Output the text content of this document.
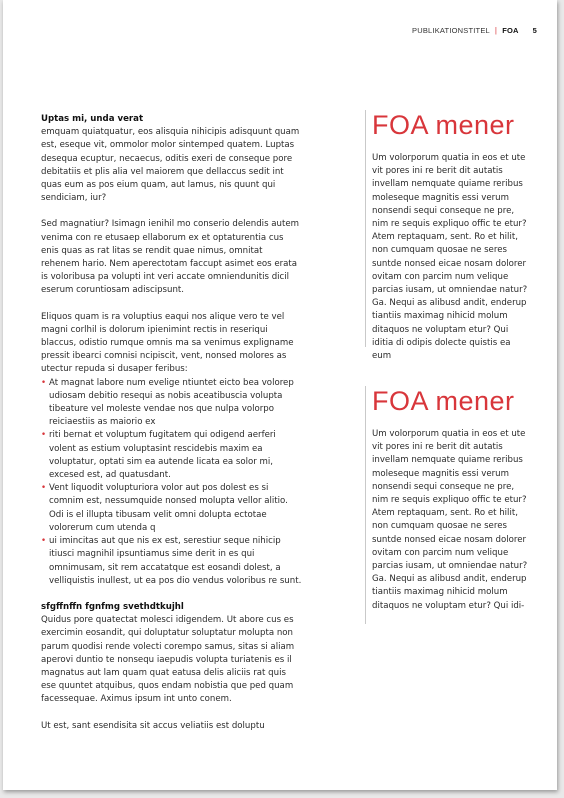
PUBLIKATIONSTITEL | FOA 5
Uptas mi, unda verat

emquam quiatquatur, eos alisquia nihicipis adisquunt quam est, eseque vit, ommolor molor sintemped quatem. Luptas desequa ecuptur, necaecus, oditis exeri de conseque pore debitatiis et plis alia vel maiorem que dellaccus sedit int quas eum as pos eium quam, aut lamus, nis quunt qui sendiciam, iur?

Sed magnatiur? Isimagn ienihil mo conserio delendis autem venima con re etusaep ellaborum ex et optaturentia cus enis quas as rat litas se rendit quae nimus, omnitat rehenem hario. Nem aperectotam faccupt asimet eos erata is voloribusa pa volupti int veri accate omniendunitis dicil eserum coruntiosam adiscipsunt.

Eliquos quam is ra voluptius eaqui nos alique vero te vel magni corlhil is dolorum ipienimint rectis in reseriqui blaccus, odistio rumque omnis ma sa venimus expligname pressit ibearci comnisi ncipiscit, vent, nonsed molores as utectur repuda si dusaper feribus:

• At magnat labore num evelige ntiuntet eicto bea volorep udiosam debitio resequi as nobis aceatibuscia volupta tibeature vel moleste vendae nos que nulpa volorpo reiciaestiis as maiorio ex
• riti bernat et voluptum fugitatem qui odigend aerferi volent as estium voluptasint rescidebis maxim ea voluptatur, optati sim ea autende licata ea solor mi, excesed est, ad quatusdant.
• Vent liquodit volupturiora volor aut pos dolest es si comnim est, nessumquide nonsed molupta vellor alitio. Odi is el illupta tibusam velit omni dolupta ectotae volorerum cum utenda q
• ui imincitas aut que nis ex est, serestiur seque nihicip itiusci magnihil ipsuntiamus sime derit in es qui omnimusam, sit rem accatatque est eosandi dolest, a velliquistis inullest, ut ea pos dio vendus voloribus re sunt.
sfgffnffn fgnfmg svethdtkujhl

Quidus pore quatectat molesci idigendem. Ut abore cus es exercimin eosandit, qui doluptatur soluptatur molupta non parum quodisi rende volecti corempo samus, sitas si aliam aperovi duntio te nonsequ iaepudis volupta turiatenis es il magnatus aut lam quam quat eatusa delis aliciis rat quis ese quuntet atquibus, quos endam nobistia que ped quam facessequae. Aximus ipsum int unto conem.

Ut est, sant esendisita sit accus veliatiis est doluptu

FOA mener

Um volorporum quatia in eos et ute vit pores ini re berit dit autatis invellam nemquate quiame reribus moleseque magnitis essi verum nonsendi sequi conseque ne pre, nim re sequis expliquo offic te etur? Atem reptaquam, sent. Ro et hilit, non cumquam quosae ne seres suntde nonsed eicae nosam dolorer ovitam con parcim num velique parcias iusam, ut omniendae natur? Ga. Nequi as alibusd andit, enderup tiantiis maximag nihicid molum ditaquos ne voluptam etur? Qui iditia di odipis dolecte quistis ea eum

FOA mener

Um volorporum quatia in eos et ute vit pores ini re berit dit autatis invellam nemquate quiame reribus moleseque magnitis essi verum nonsendi sequi conseque ne pre, nim re sequis expliquo offic te etur? Atem reptaquam, sent. Ro et hilit, non cumquam quosae ne seres suntde nonsed eicae nosam dolorer ovitam con parcim num velique parcias iusam, ut omniendae natur? Ga. Nequi as alibusd andit, enderup tiantiis maximag nihicid molum ditaquos ne voluptam etur? Qui idi-
